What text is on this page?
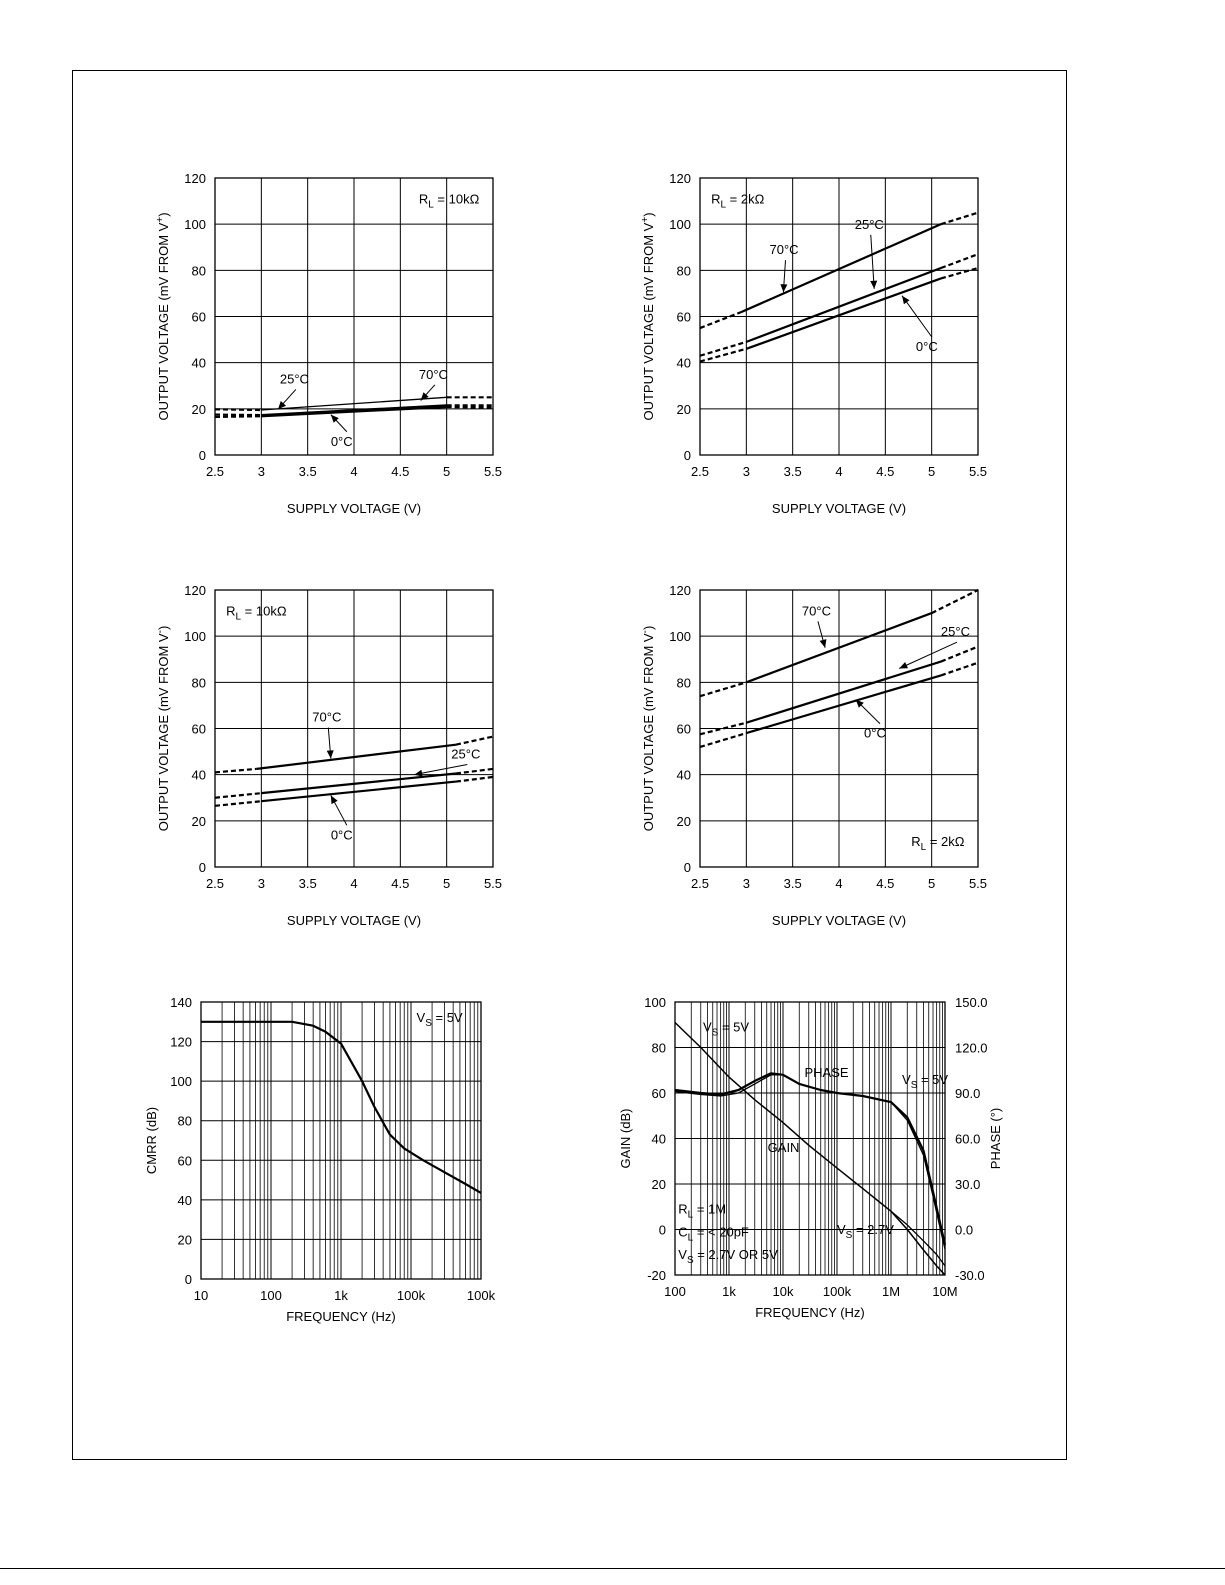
2.5	3	3.5	4	4.5	5	5.5
0
20
40
60
80
100
120
SUPPLY VOLTAGE (V)
OUTPUT VOLTAGE (mV FROM V+)
$R_L = 10k\Omega$
25°C	70°C
0°C
2.5	3	3.5	4	4.5	5	5.5
0
20
40
60
80
100
120
SUPPLY VOLTAGE (V)
OUTPUT VOLTAGE (mV FROM V+)
$R_L = 2k\Omega$
70°C
25°C
0°C
2.5	3	3.5	4	4.5	5	5.5
0
20
40
60
80
100
120
SUPPLY VOLTAGE (V)
OUTPUT VOLTAGE (mV FROM V-)
$R_L = 10k\Omega$
70°C
25°C
0°C
2.5	3	3.5	4	4.5	5	5.5
0
20
40
60
80
100
120
SUPPLY VOLTAGE (V)
OUTPUT VOLTAGE (mV FROM V-)
$R_L = 2k\Omega$
70°C
25°C
0°C
10	100	1k	100k	100k
0
20
40
60
80
100
120
140
FREQUENCY (Hz)
CMRR (dB)
$V_S = 5V$
100	1k	10k 100k 1M 10M
-20
0
20
40
60
80
100
-30.0
0.0
30.0
60.0
90.0
120.0
150.0
PHASE (°)
FREQUENCY (Hz)
GAIN (dB)
$V_S = 5V$
PHASE	$V_S = 5V$
GAIN
$R_L = 1M$
$C_L$ = < 20pF
$V_S = 2.7V$ OR 5V
$V_S = 2.7V$
